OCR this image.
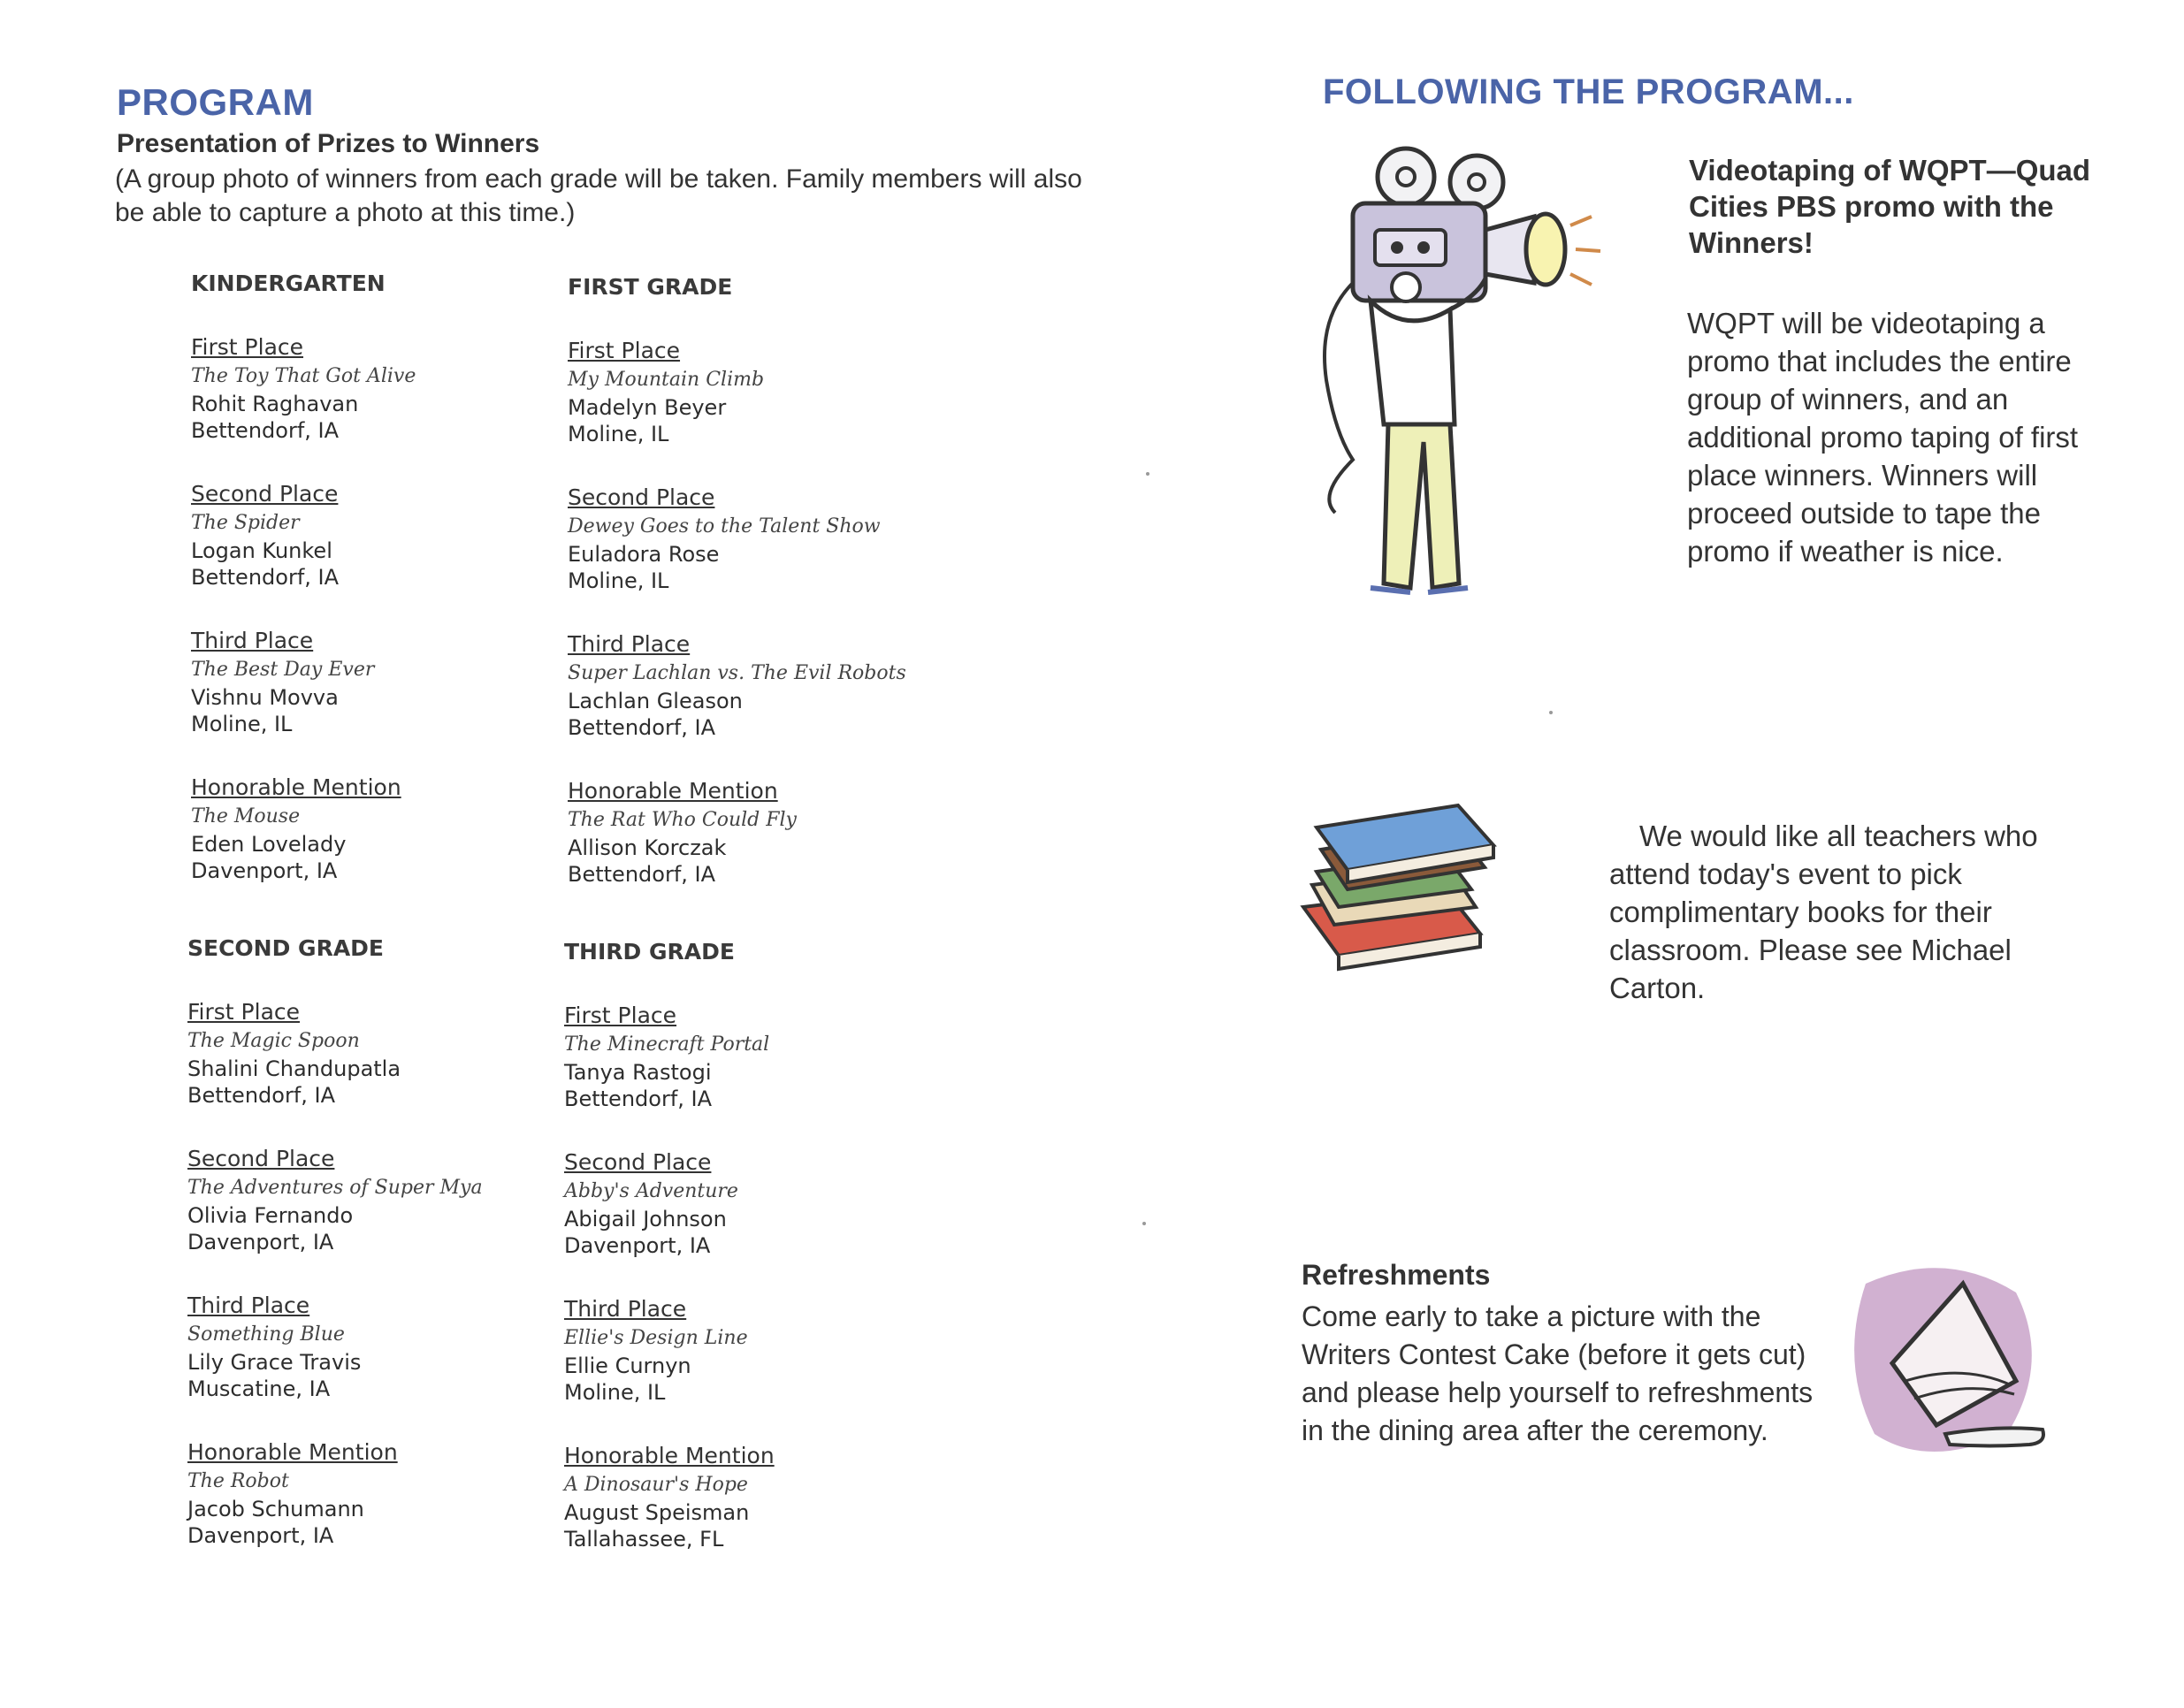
PROGRAM
Presentation of Prizes to Winners
(A group photo of winners from each grade will be taken. Family members will also be able to capture a photo at this time.)
KINDERGARTEN
First Place
The Toy That Got Alive
Rohit Raghavan
Bettendorf, IA
Second Place
The Spider
Logan Kunkel
Bettendorf, IA
Third Place
The Best Day Ever
Vishnu Movva
Moline, IL
Honorable Mention
The Mouse
Eden Lovelady
Davenport, IA
FIRST GRADE
First Place
My Mountain Climb
Madelyn Beyer
Moline, IL
Second Place
Dewey Goes to the Talent Show
Euladora Rose
Moline, IL
Third Place
Super Lachlan vs. The Evil Robots
Lachlan Gleason
Bettendorf, IA
Honorable Mention
The Rat Who Could Fly
Allison Korczak
Bettendorf, IA
SECOND GRADE
First Place
The Magic Spoon
Shalini Chandupatla
Bettendorf, IA
Second Place
The Adventures of Super Mya
Olivia Fernando
Davenport, IA
Third Place
Something Blue
Lily Grace Travis
Muscatine, IA
Honorable Mention
The Robot
Jacob Schumann
Davenport, IA
THIRD GRADE
First Place
The Minecraft Portal
Tanya Rastogi
Bettendorf, IA
Second Place
Abby's Adventure
Abigail Johnson
Davenport, IA
Third Place
Ellie's Design Line
Ellie Curnyn
Moline, IL
Honorable Mention
A Dinosaur's Hope
August Speisman
Tallahassee, FL
FOLLOWING THE PROGRAM...
Videotaping of WQPT—Quad Cities PBS promo with the Winners!
WQPT will be videotaping a promo that includes the entire group of winners, and an additional promo taping of first place winners. Winners will proceed outside to tape the promo if weather is nice.
We would like all teachers who attend today's event to pick complimentary books for their classroom. Please see Michael Carton.
Refreshments
Come early to take a picture with the Writers Contest Cake (before it gets cut) and please help yourself to refreshments in the dining area after the ceremony.
